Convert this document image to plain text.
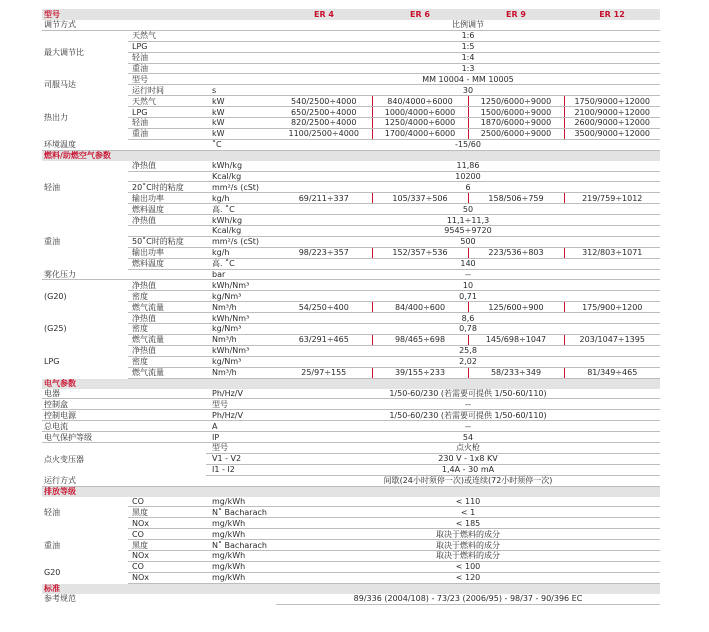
型号			ER 4	ER 6	ER 9	ER 12
调节方式			比例调节			
最大调节比	天然气		1:6			
	LPG		1:5			
	轻油		1:4			
	重油		1:3			
司服马达	型号		MM 10004 - MM 10005			
	运行时间	s	30			
热出力	天然气	kW	540/2500÷4000	840/4000÷6000	1250/6000÷9000	1750/9000÷12000
	LPG	kW	650/2500÷4000	1000/4000÷6000	1500/6000÷9000	2100/9000÷12000
	轻油	kW	820/2500÷4000	1250/4000÷6000	1870/6000÷9000	2600/9000÷12000
	重油	kW	1100/2500÷4000	1700/4000÷6000	2500/6000÷9000	3500/9000÷12000
环境温度		˚C	-15/60			
燃料/助燃空气参数						
轻油	净热值	kWh/kg	11,86			
		Kcal/kg	10200			
	20˚C时的粘度	mm²/s (cSt)	6			
	输出功率	kg/h	69/211÷337	105/337÷506	158/506÷759	219/759÷1012
	燃料温度	高. ˚C	50			
重油	净热值	kWh/kg	11,1÷11,3			
		Kcal/kg	9545÷9720			
	50˚C时的粘度	mm²/s (cSt)	500			
	输出功率	kg/h	98/223÷357	152/357÷536	223/536÷803	312/803÷1071
	燃料温度	高. ˚C	140			
雾化压力		bar	--			
(G20)	净热值	kWh/Nm³	10			
	密度	kg/Nm³	0,71			
	燃气流量	Nm³/h	54/250÷400	84/400÷600	125/600÷900	175/900÷1200
(G25)	净热值	kWh/Nm³	8,6			
	密度	kg/Nm³	0,78			
	燃气流量	Nm³/h	63/291÷465	98/465÷698	145/698÷1047	203/1047÷1395
LPG	净热值	kWh/Nm³	25,8			
	密度	kg/Nm³	2,02			
	燃气流量	Nm³/h	25/97÷155	39/155÷233	58/233÷349	81/349÷465
电气参数						
电器		Ph/Hz/V	1/50-60/230 (若需要可提供 1/50-60/110)			
控制盒		型号	--			
控制电源		Ph/Hz/V	1/50-60/230 (若需要可提供 1/50-60/110)			
总电流		A	--			
电气保护等级		IP	54			
点火变压器		型号	点火枪			
		V1 - V2	230 V - 1x8 KV			
		I1 - I2	1,4A - 30 mA			
运行方式			间歇(24小时须停一次)或连续(72小时须停一次)			
排放等级						
轻油	CO	mg/kWh	< 110			
	黑度	N˚ Bacharach	< 1			
	NOx	mg/kWh	< 185			
重油	CO	mg/kWh	取决于燃料的成分			
	黑度	N˚ Bacharach	取决于燃料的成分			
	NOx	mg/kWh	取决于燃料的成分			
G20	CO	mg/kWh	< 100			
	NOx	mg/kWh	< 120			
标准						
参考规范			89/336 (2004/108) - 73/23 (2006/95) - 98/37 - 90/396 EC			
